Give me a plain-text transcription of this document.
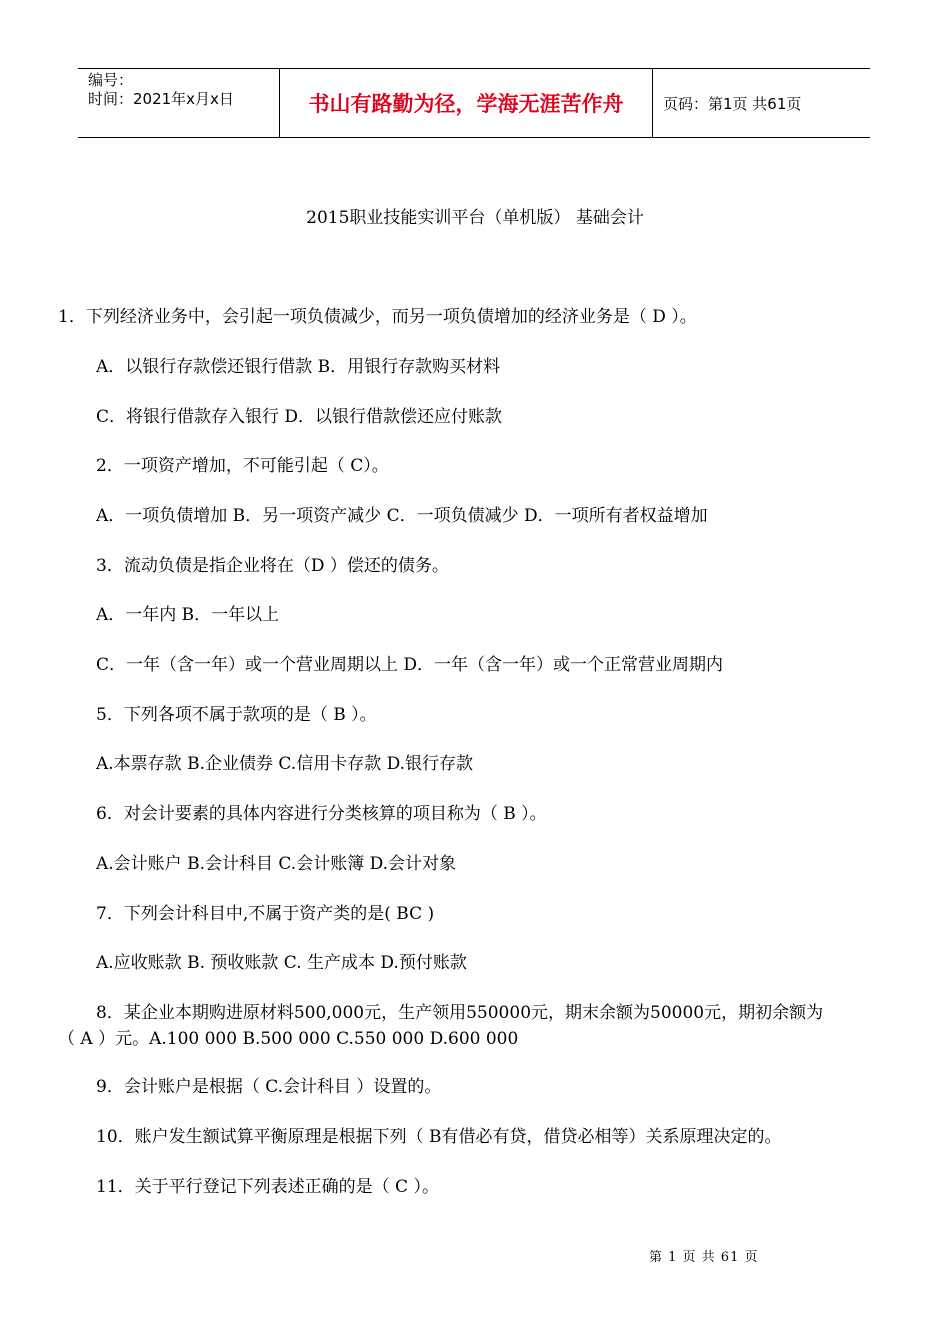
编号：
时间：2021年x月x日	书山有路勤为径，学海无涯苦作舟	页码：第1页 共61页
2015职业技能实训平台（单机版） 基础会计
1．下列经济业务中，会引起一项负债减少，而另一项负债增加的经济业务是（ D ）。
A．以银行存款偿还银行借款 B．用银行存款购买材料
C．将银行借款存入银行 D．以银行借款偿还应付账款
2．一项资产增加，不可能引起（ C）。
A．一项负债增加 B．另一项资产减少 C．一项负债减少 D．一项所有者权益增加
3．流动负债是指企业将在（D ）偿还的债务。
A．一年内 B．一年以上
C．一年（含一年）或一个营业周期以上 D．一年（含一年）或一个正常营业周期内
5．下列各项不属于款项的是（ B ）。
A.本票存款 B.企业债券 C.信用卡存款 D.银行存款
6．对会计要素的具体内容进行分类核算的项目称为（ B ）。
A.会计账户 B.会计科目 C.会计账簿 D.会计对象
7．下列会计科目中,不属于资产类的是( BC )
A.应收账款 B. 预收账款 C. 生产成本 D.预付账款
8．某企业本期购进原材料500,000元，生产领用550000元，期末余额为50000元，期初余额为
（ A ）元。A.100 000 B.500 000 C.550 000 D.600 000
9．会计账户是根据（ C.会计科目 ）设置的。
10．账户发生额试算平衡原理是根据下列（ B有借必有贷，借贷必相等）关系原理决定的。
11．关于平行登记下列表述正确的是（ C ）。
第 1 页 共 61 页
